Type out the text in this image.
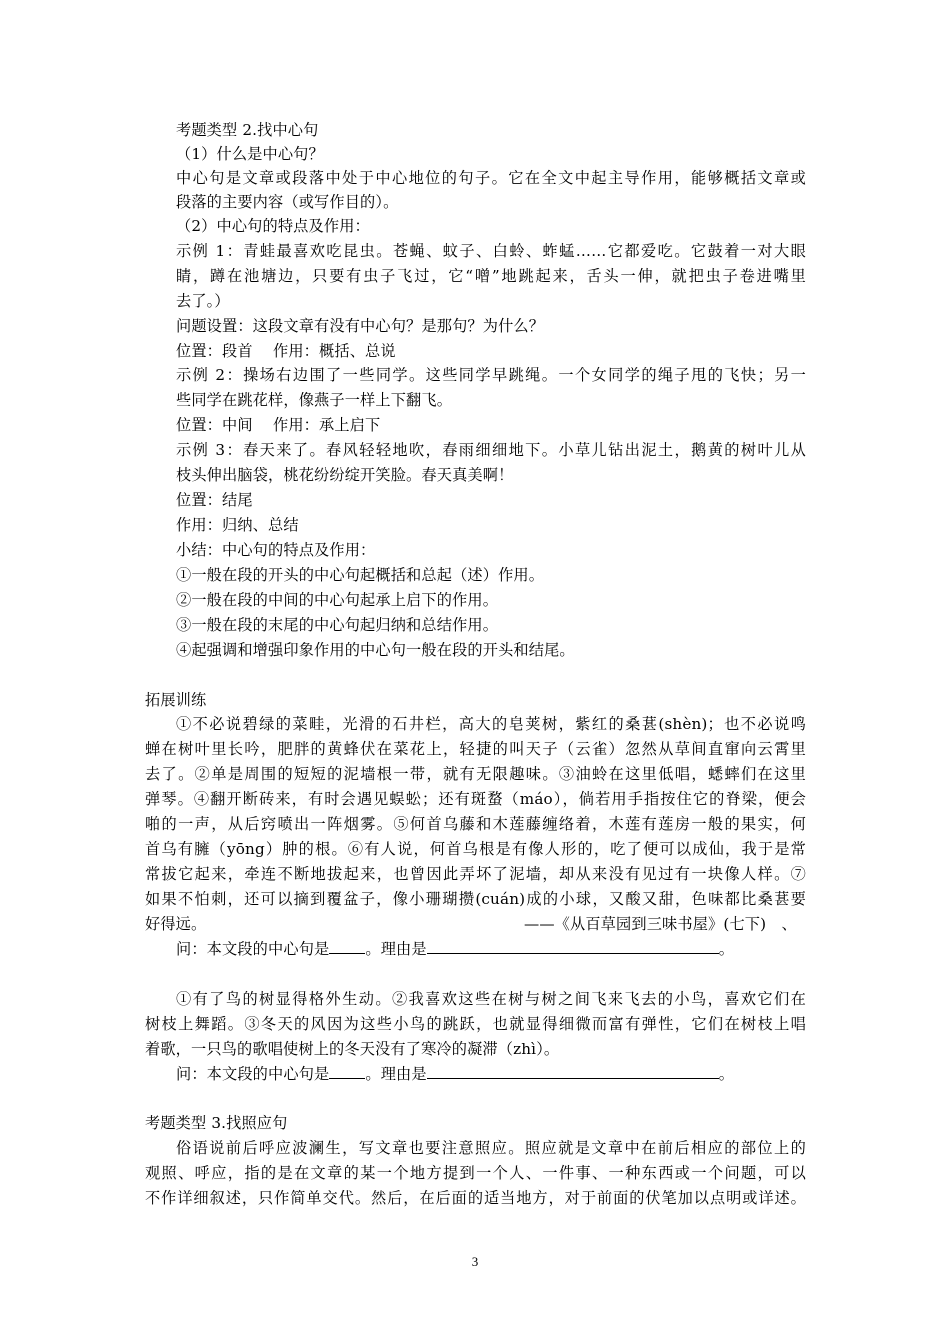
考题类型 2.找中心句
（1）什么是中心句？
中心句是文章或段落中处于中心地位的句子。它在全文中起主导作用，能够概括文章或
段落的主要内容（或写作目的）。
（2）中心句的特点及作用：
示例 1：青蛙最喜欢吃昆虫。苍蝇、蚊子、白蛉、蚱蜢……它都爱吃。它鼓着一对大眼
睛，蹲在池塘边，只要有虫子飞过，它“噌”地跳起来，舌头一伸，就把虫子卷进嘴里
去了。）
问题设置：这段文章有没有中心句？是那句？为什么？
位置：段首　 作用：概括、总说
示例 2：操场右边围了一些同学。这些同学早跳绳。一个女同学的绳子甩的飞快；另一
些同学在跳花样，像燕子一样上下翻飞。
位置：中间　 作用：承上启下
示例 3：春天来了。春风轻轻地吹，春雨细细地下。小草儿钻出泥土，鹅黄的树叶儿从
枝头伸出脑袋，桃花纷纷绽开笑脸。春天真美啊！
位置：结尾
作用：归纳、总结
小结：中心句的特点及作用：
①一般在段的开头的中心句起概括和总起（述）作用。
②一般在段的中间的中心句起承上启下的作用。
③一般在段的末尾的中心句起归纳和总结作用。
④起强调和增强印象作用的中心句一般在段的开头和结尾。
拓展训练
①不必说碧绿的菜畦，光滑的石井栏，高大的皂荚树，紫红的桑葚(shèn)；也不必说鸣
蝉在树叶里长吟，肥胖的黄蜂伏在菜花上，轻捷的叫天子（云雀）忽然从草间直窜向云霄里
去了。②单是周围的短短的泥墙根一带，就有无限趣味。③油蛉在这里低唱，蟋蟀们在这里
弹琴。④翻开断砖来，有时会遇见蜈蚣；还有斑蝥（máo），倘若用手指按住它的脊梁，便会
啪的一声，从后窍喷出一阵烟雾。⑤何首乌藤和木莲藤缠络着，木莲有莲房一般的果实，何
首乌有臃（yōng）肿的根。⑥有人说，何首乌根是有像人形的，吃了便可以成仙，我于是常
常拔它起来，牵连不断地拔起来，也曾因此弄坏了泥墙，却从来没有见过有一块像人样。⑦
如果不怕刺，还可以摘到覆盆子，像小珊瑚攒(cuán)成的小球，又酸又甜，色味都比桑葚要
好得远。	——《从百草园到三味书屋》(七下)　、
问：本文段的中心句是 。理由是	。
①有了鸟的树显得格外生动。②我喜欢这些在树与树之间飞来飞去的小鸟，喜欢它们在
树枝上舞蹈。③冬天的风因为这些小鸟的跳跃，也就显得细微而富有弹性，它们在树枝上唱
着歌，一只鸟的歌唱使树上的冬天没有了寒冷的凝滞（zhì）。
问：本文段的中心句是 。理由是	。
考题类型 3.找照应句
俗语说前后呼应波澜生，写文章也要注意照应。照应就是文章中在前后相应的部位上的
观照、呼应，指的是在文章的某一个地方提到一个人、一件事、一种东西或一个问题，可以
不作详细叙述，只作简单交代。然后，在后面的适当地方，对于前面的伏笔加以点明或详述。
3
